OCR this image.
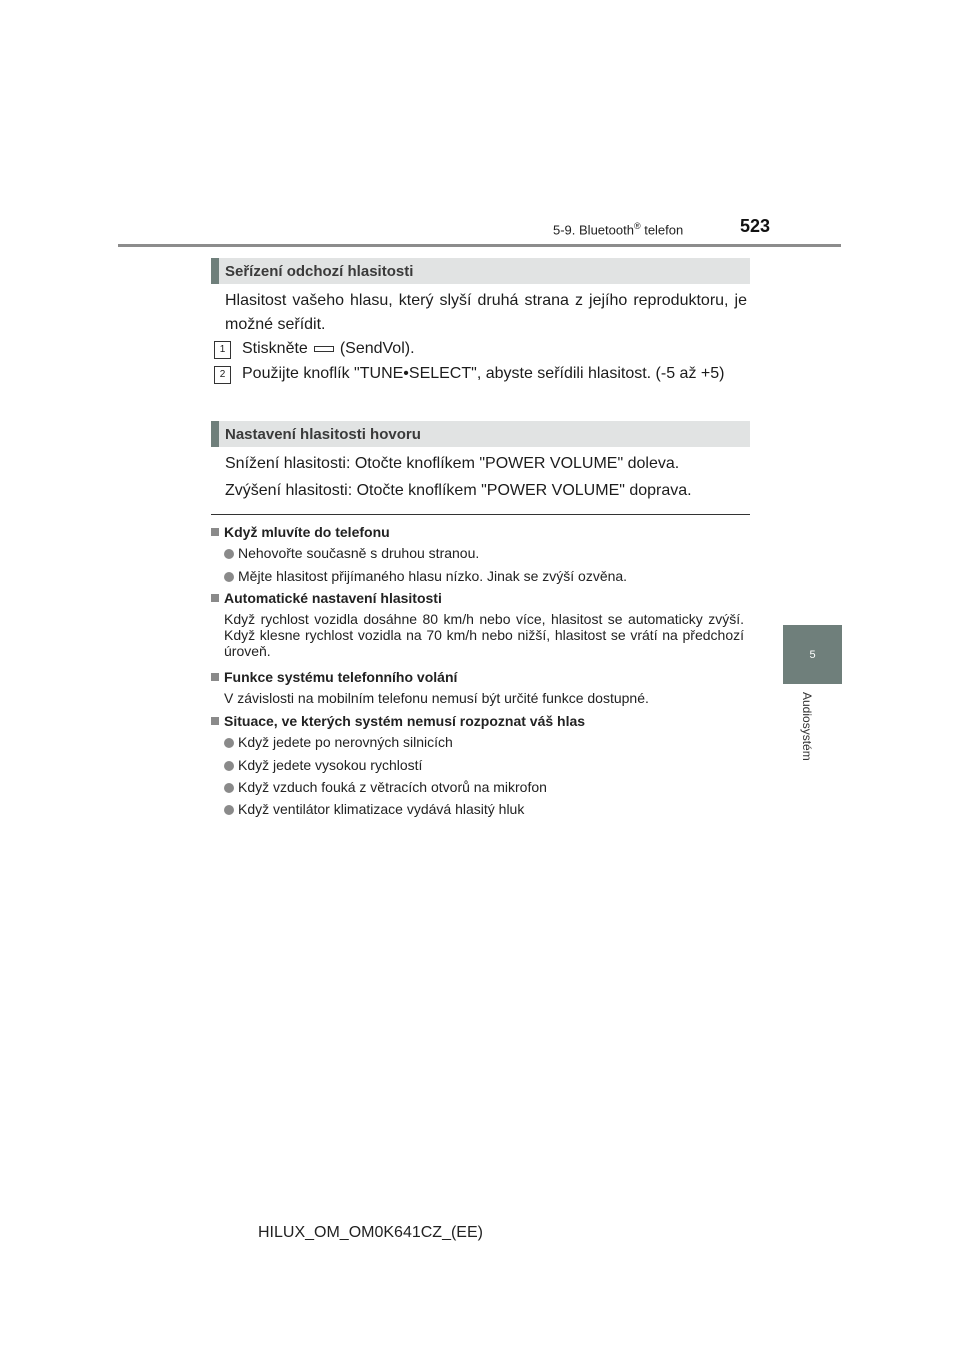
5-9. Bluetooth® telefon	523
5
Audiosystém
Seřízení odchozí hlasitosti
Hlasitost vašeho hlasu, který slyší druhá strana z jejího reproduktoru, je možné seřídit.
1	Stiskněte (SendVol).
2	Použijte knoflík "TUNE•SELECT", abyste seřídili hlasitost. (-5 až +5)
Nastavení hlasitosti hovoru
Snížení hlasitosti: Otočte knoflíkem "POWER VOLUME" doleva.
Zvýšení hlasitosti: Otočte knoflíkem "POWER VOLUME" doprava.
Když mluvíte do telefonu
Nehovořte současně s druhou stranou.
Mějte hlasitost přijímaného hlasu nízko. Jinak se zvýší ozvěna.
Automatické nastavení hlasitosti
Když rychlost vozidla dosáhne 80 km/h nebo více, hlasitost se automaticky zvýší. Když klesne rychlost vozidla na 70 km/h nebo nižší, hlasitost se vrátí na předchozí úroveň.
Funkce systému telefonního volání
V závislosti na mobilním telefonu nemusí být určité funkce dostupné.
Situace, ve kterých systém nemusí rozpoznat váš hlas
Když jedete po nerovných silnicích
Když jedete vysokou rychlostí
Když vzduch fouká z větracích otvorů na mikrofon
Když ventilátor klimatizace vydává hlasitý hluk
HILUX_OM_OM0K641CZ_(EE)
